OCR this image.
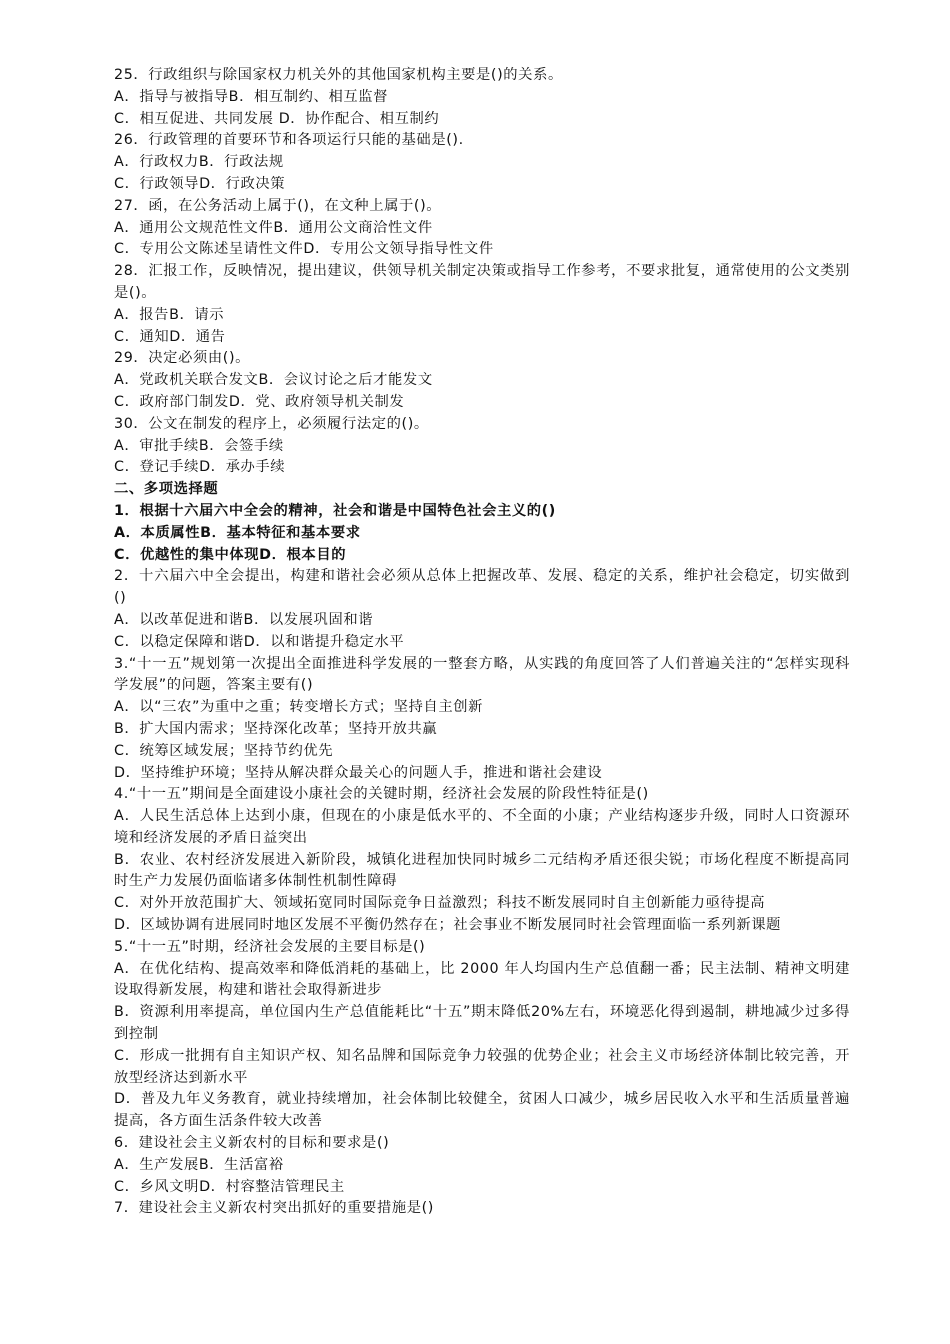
25．行政组织与除国家权力机关外的其他国家机构主要是()的关系。
A．指导与被指导B．相互制约、相互监督
C．相互促进、共同发展 D．协作配合、相互制约
26．行政管理的首要环节和各项运行只能的基础是().
A．行政权力B．行政法规
C．行政领导D．行政决策
27．函，在公务活动上属于()，在文种上属于()。
A．通用公文规范性文件B．通用公文商洽性文件
C．专用公文陈述呈请性文件D．专用公文领导指导性文件
28．汇报工作，反映情况，提出建议，供领导机关制定决策或指导工作参考，不要求批复，通常使用的公文类别是()。
A．报告B．请示
C．通知D．通告
29．决定必须由()。
A．党政机关联合发文B．会议讨论之后才能发文
C．政府部门制发D．党、政府领导机关制发
30．公文在制发的程序上，必须履行法定的()。
A．审批手续B．会签手续
C．登记手续D．承办手续
二、多项选择题
1．根据十六届六中全会的精神，社会和谐是中国特色社会主义的()
A．本质属性B．基本特征和基本要求
C．优越性的集中体现D．根本目的
2．十六届六中全会提出，构建和谐社会必须从总体上把握改革、发展、稳定的关系，维护社会稳定，切实做到()
A．以改革促进和谐B．以发展巩固和谐
C．以稳定保障和谐D．以和谐提升稳定水平
3.“十一五”规划第一次提出全面推进科学发展的一整套方略，从实践的角度回答了人们普遍关注的“怎样实现科学发展”的问题，答案主要有()
A．以“三农”为重中之重；转变增长方式；坚持自主创新
B．扩大国内需求；坚持深化改革；坚持开放共赢
C．统筹区域发展；坚持节约优先
D．坚持维护环境；坚持从解决群众最关心的问题人手，推进和谐社会建设
4.“十一五”期间是全面建设小康社会的关键时期，经济社会发展的阶段性特征是()
A．人民生活总体上达到小康，但现在的小康是低水平的、不全面的小康；产业结构逐步升级，同时人口资源环境和经济发展的矛盾日益突出
B．农业、农村经济发展进入新阶段，城镇化进程加快同时城乡二元结构矛盾还很尖锐；市场化程度不断提高同时生产力发展仍面临诸多体制性机制性障碍
C．对外开放范围扩大、领域拓宽同时国际竞争日益激烈；科技不断发展同时自主创新能力亟待提高
D．区域协调有进展同时地区发展不平衡仍然存在；社会事业不断发展同时社会管理面临一系列新课题
5.“十一五”时期，经济社会发展的主要目标是()
A．在优化结构、提高效率和降低消耗的基础上，比 2000 年人均国内生产总值翻一番；民主法制、精神文明建设取得新发展，构建和谐社会取得新进步
B．资源利用率提高，单位国内生产总值能耗比“十五”期末降低20%左右，环境恶化得到遏制，耕地减少过多得到控制
C．形成一批拥有自主知识产权、知名品牌和国际竞争力较强的优势企业；社会主义市场经济体制比较完善，开放型经济达到新水平
D．普及九年义务教育，就业持续增加，社会体制比较健全，贫困人口减少，城乡居民收入水平和生活质量普遍提高，各方面生活条件较大改善
6．建设社会主义新农村的目标和要求是()
A．生产发展B．生活富裕
C．乡风文明D．村容整洁管理民主
7．建设社会主义新农村突出抓好的重要措施是()
